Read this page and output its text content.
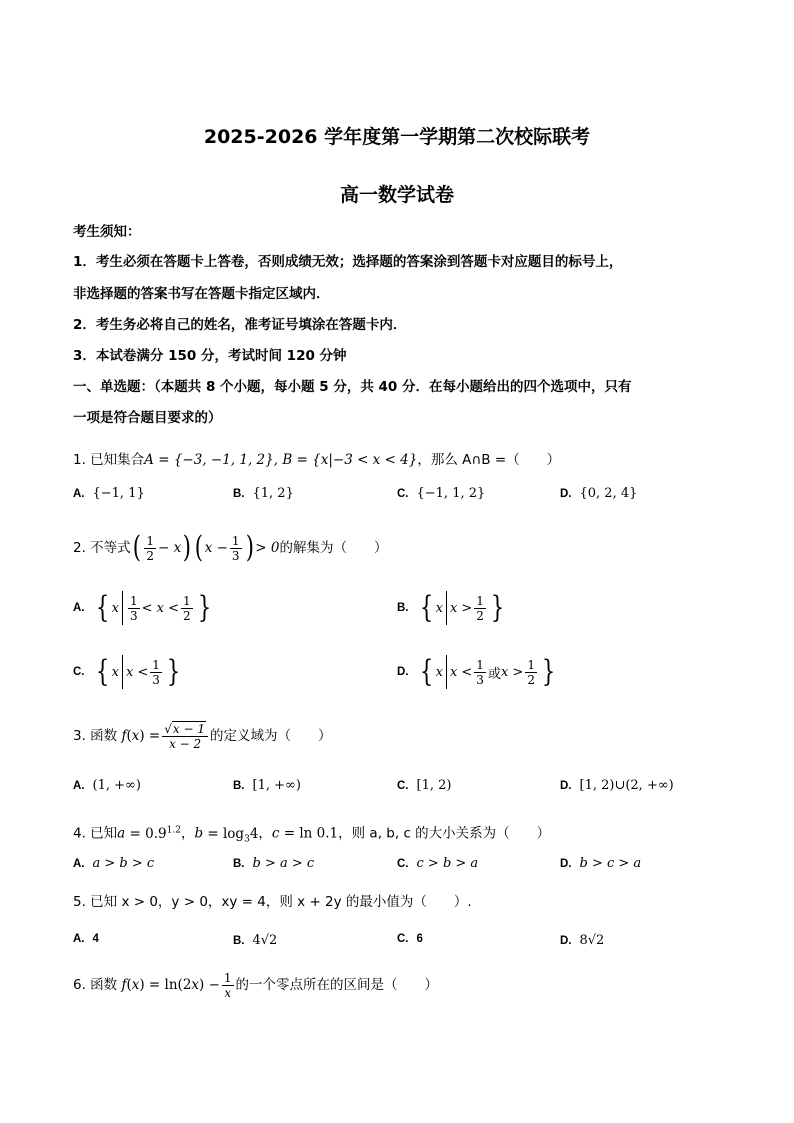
2025-2026 学年度第一学期第二次校际联考
高一数学试卷
考生须知：
1．考生必须在答题卡上答卷，否则成绩无效；选择题的答案涂到答题卡对应题目的标号上，
非选择题的答案书写在答题卡指定区域内．
2．考生务必将自己的姓名，准考证号填涂在答题卡内．
3．本试卷满分 150 分，考试时间 120 分钟
一、单选题：（本题共 8 个小题，每小题 5 分，共 40 分．在每小题给出的四个选项中，只有
一项是符合题目要求的）
1. 已知集合A = {−3, −1, 1, 2}, B = {x|−3 < x < 4}，那么 A∩B =（　　）
A. {−1, 1}	B. {1, 2}	C. {−1, 1, 2}	D. {0, 2, 4}
2. 不等式 ( $\frac{1}{2} - x$ ) ( $x - \frac{1}{3}$ ) > 0 的解集为（　　）
A. { x $\frac{1}{3} < x < \frac{1}{2}$ }	B. { x $x > \frac{1}{2}$ }
C. { x $x < \frac{1}{3}$ }	D. { x $x < \frac{1}{3}$ 或 $x > \frac{1}{2}$ }
3. 函数 f ( x ) = $\frac{√x - 1}{x - 2}$ 的定义域为（　　）
A. (1, +∞)	B. [1, +∞)	C. [1, 2)	D. [1, 2)∪(2, +∞)
4. 已知$a = 0.9^{1.2}$，$b = \log_34$，c = ln 0.1，则 a, b, c 的大小关系为（　　）
A. a > b > c	B. b > a > c	C. c > b > a	D. b > c > a
5. 已知 x > 0，y > 0，xy = 4，则 x + 2y 的最小值为（　　）.
A. 4	B. 4√2	C. 6	D. 8√2
6. 函数 f ( x ) = ln(2 x ) − $\frac{1}{x}$ 的一个零点所在的区间是（　　）
